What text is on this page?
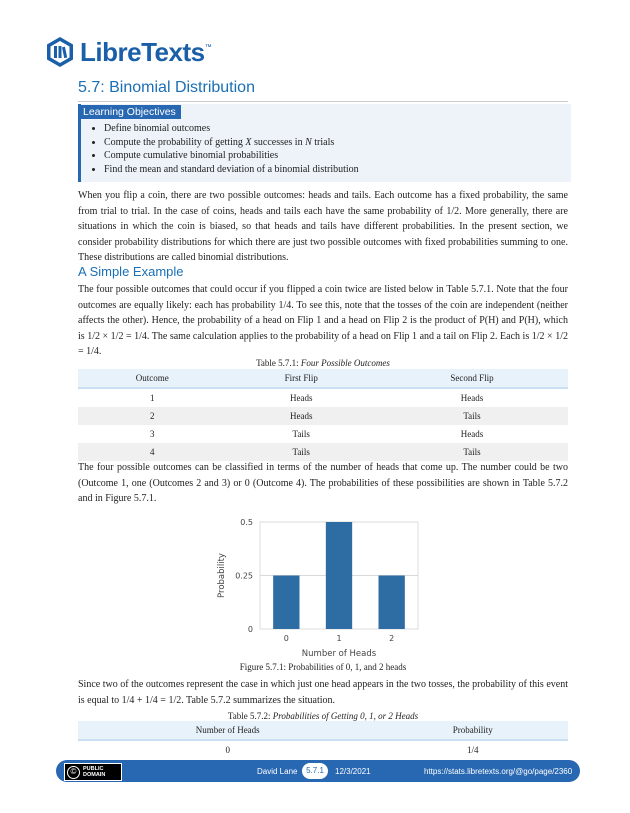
LibreTexts ™
5.7: Binomial Distribution
Learning Objectives
• Define binomial outcomes
• Compute the probability of getting X successes in N trials
• Compute cumulative binomial probabilities
• Find the mean and standard deviation of a binomial distribution

When you flip a coin, there are two possible outcomes: heads and tails. Each outcome has a fixed probability, the same from trial to trial. In the case of coins, heads and tails each have the same probability of 1/2. More generally, there are situations in which the coin is biased, so that heads and tails have different probabilities. In the present section, we consider probability distributions for which there are just two possible outcomes with fixed probabilities summing to one. These distributions are called binomial distributions.

A Simple Example

The four possible outcomes that could occur if you flipped a coin twice are listed below in Table 5.7.1. Note that the four outcomes are equally likely: each has probability 1/4. To see this, note that the tosses of the coin are independent (neither affects the other). Hence, the probability of a head on Flip 1 and a head on Flip 2 is the product of P(H) and P(H), which is 1/2 × 1/2 = 1/4. The same calculation applies to the probability of a head on Flip 1 and a tail on Flip 2. Each is 1/2 × 1/2 = 1/4.

Table 5.7.1: Four Possible Outcomes
Outcome	First Flip	Second Flip
1	Heads	Heads
2	Heads	Tails
3	Tails	Heads
4	Tails	Tails

The four possible outcomes can be classified in terms of the number of heads that come up. The number could be two (Outcome 1, one (Outcomes 2 and 3) or 0 (Outcome 4). The probabilities of these possibilities are shown in Table 5.7.2 and in Figure 5.7.1.

0
0.25
0.5
0	1	2
Number of Heads
Probability
Figure 5.7.1: Probabilities of 0, 1, and 2 heads

Since two of the outcomes represent the case in which just one head appears in the two tosses, the probability of this event is equal to 1/4 + 1/4 = 1/2. Table 5.7.2 summarizes the situation.

Table 5.7.2: Probabilities of Getting 0, 1, or 2 Heads
Number of Heads	Probability
0	1/4
©	PUBLIC
DOMAIN	David Lane	5.7.1	12/3/2021	https://stats.libretexts.org/@go/page/2360
